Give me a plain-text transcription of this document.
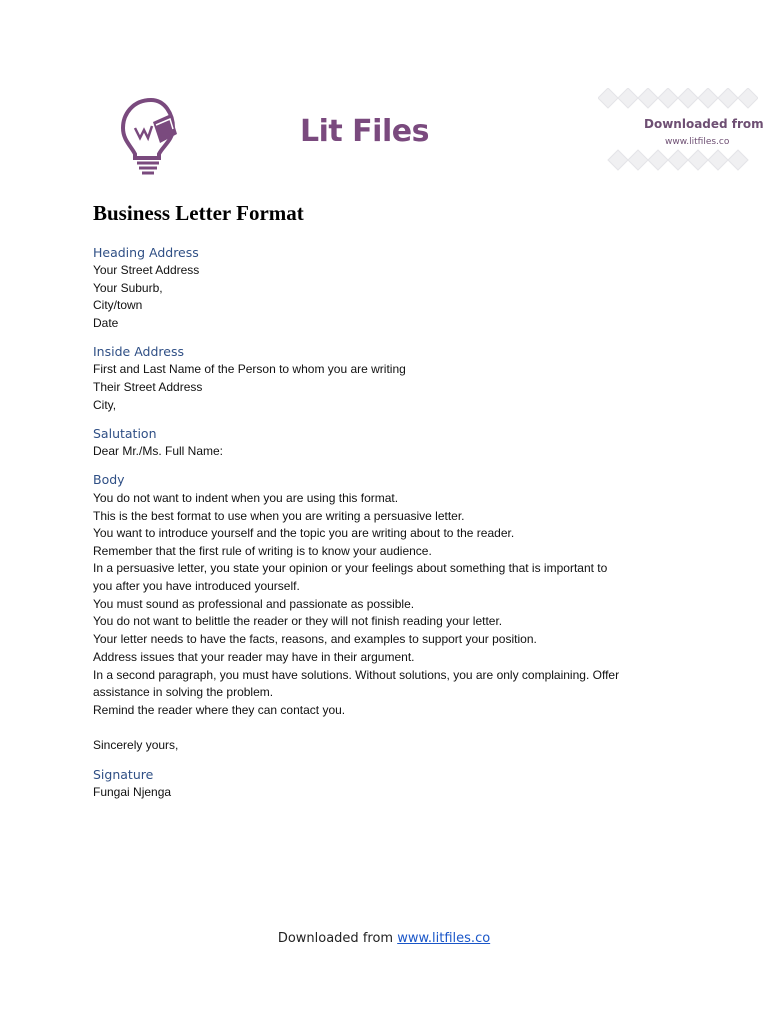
Lit Files	Downloaded from
www.litfiles.co
Business Letter Format
Heading Address
Your Street Address
Your Suburb,
City/town
Date
Inside Address
First and Last Name of the Person to whom you are writing
Their Street Address
City,
Salutation
Dear Mr./Ms. Full Name:
Body
You do not want to indent when you are using this format.
This is the best format to use when you are writing a persuasive letter.
You want to introduce yourself and the topic you are writing about to the reader.
Remember that the first rule of writing is to know your audience.
In a persuasive letter, you state your opinion or your feelings about something that is important to
you after you have introduced yourself.
You must sound as professional and passionate as possible.
You do not want to belittle the reader or they will not finish reading your letter.
Your letter needs to have the facts, reasons, and examples to support your position.
Address issues that your reader may have in their argument.
In a second paragraph, you must have solutions. Without solutions, you are only complaining. Offer
assistance in solving the problem.
Remind the reader where they can contact you.
Sincerely yours,
Signature
Fungai Njenga
Downloaded from www.litfiles.co
